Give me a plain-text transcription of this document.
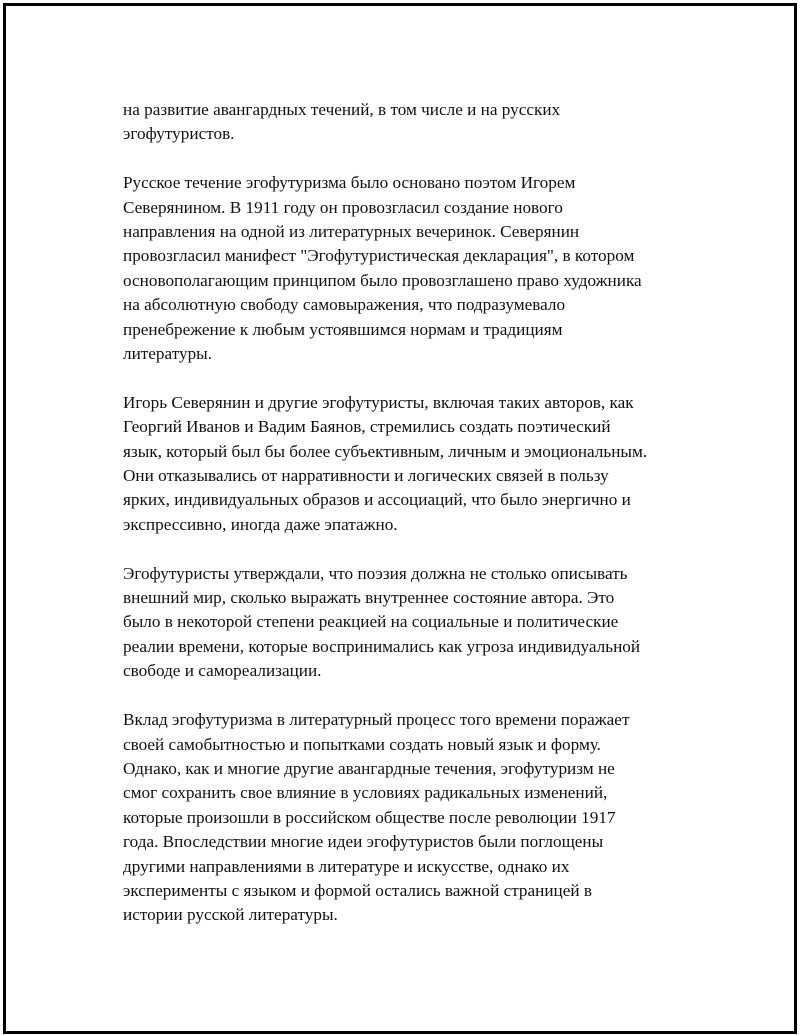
на развитие авангардных течений, в том числе и на русских
эгофутуристов.

Русское течение эгофутуризма было основано поэтом Игорем
Северянином. В 1911 году он провозгласил создание нового
направления на одной из литературных вечеринок. Северянин
провозгласил манифест "Эгофутуристическая декларация", в котором
основополагающим принципом было провозглашено право художника
на абсолютную свободу самовыражения, что подразумевало
пренебрежение к любым устоявшимся нормам и традициям
литературы.

Игорь Северянин и другие эгофутуристы, включая таких авторов, как
Георгий Иванов и Вадим Баянов, стремились создать поэтический
язык, который был бы более субъективным, личным и эмоциональным.
Они отказывались от нарративности и логических связей в пользу
ярких, индивидуальных образов и ассоциаций, что было энергично и
экспрессивно, иногда даже эпатажно.

Эгофутуристы утверждали, что поэзия должна не столько описывать
внешний мир, сколько выражать внутреннее состояние автора. Это
было в некоторой степени реакцией на социальные и политические
реалии времени, которые воспринимались как угроза индивидуальной
свободе и самореализации.

Вклад эгофутуризма в литературный процесс того времени поражает
своей самобытностью и попытками создать новый язык и форму.
Однако, как и многие другие авангардные течения, эгофутуризм не
смог сохранить свое влияние в условиях радикальных изменений,
которые произошли в российском обществе после революции 1917
года. Впоследствии многие идеи эгофутуристов были поглощены
другими направлениями в литературе и искусстве, однако их
эксперименты с языком и формой остались важной страницей в
истории русской литературы.
